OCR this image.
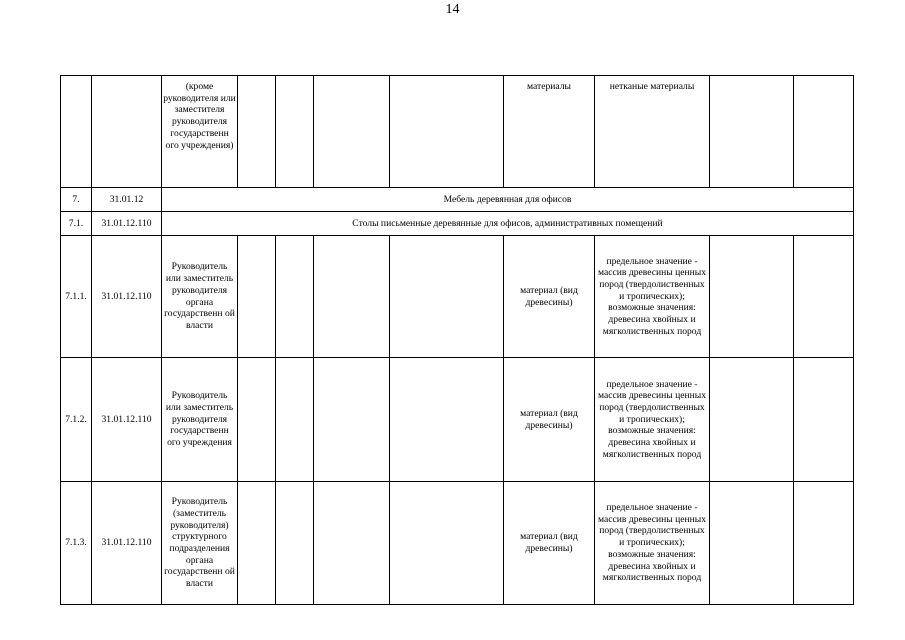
14
		(кроме руководителя или заместителя руководителя государственн ого учреждения)					материалы	нетканые материалы		
7.	31.01.12	Мебель деревянная для офисов								
7.1.	31.01.12.110	Столы письменные деревянные для офисов, административных помещений								
7.1.1.	31.01.12.110	Руководитель или заместитель руководителя органа государственн ой власти					материал (вид древесины)	предельное значение - массив древесины ценных пород (твердолиственных и тропических); возможные значения: древесина хвойных и мягколиственных пород		
7.1.2.	31.01.12.110	Руководитель или заместитель руководителя государственн ого учреждения					материал (вид древесины)	предельное значение - массив древесины ценных пород (твердолиственных и тропических); возможные значения: древесина хвойных и мягколиственных пород		
7.1.3.	31.01.12.110	Руководитель (заместитель руководителя) структурного подразделения органа государственн ой власти					материал (вид древесины)	предельное значение - массив древесины ценных пород (твердолиственных и тропических); возможные значения: древесина хвойных и мягколиственных пород		
